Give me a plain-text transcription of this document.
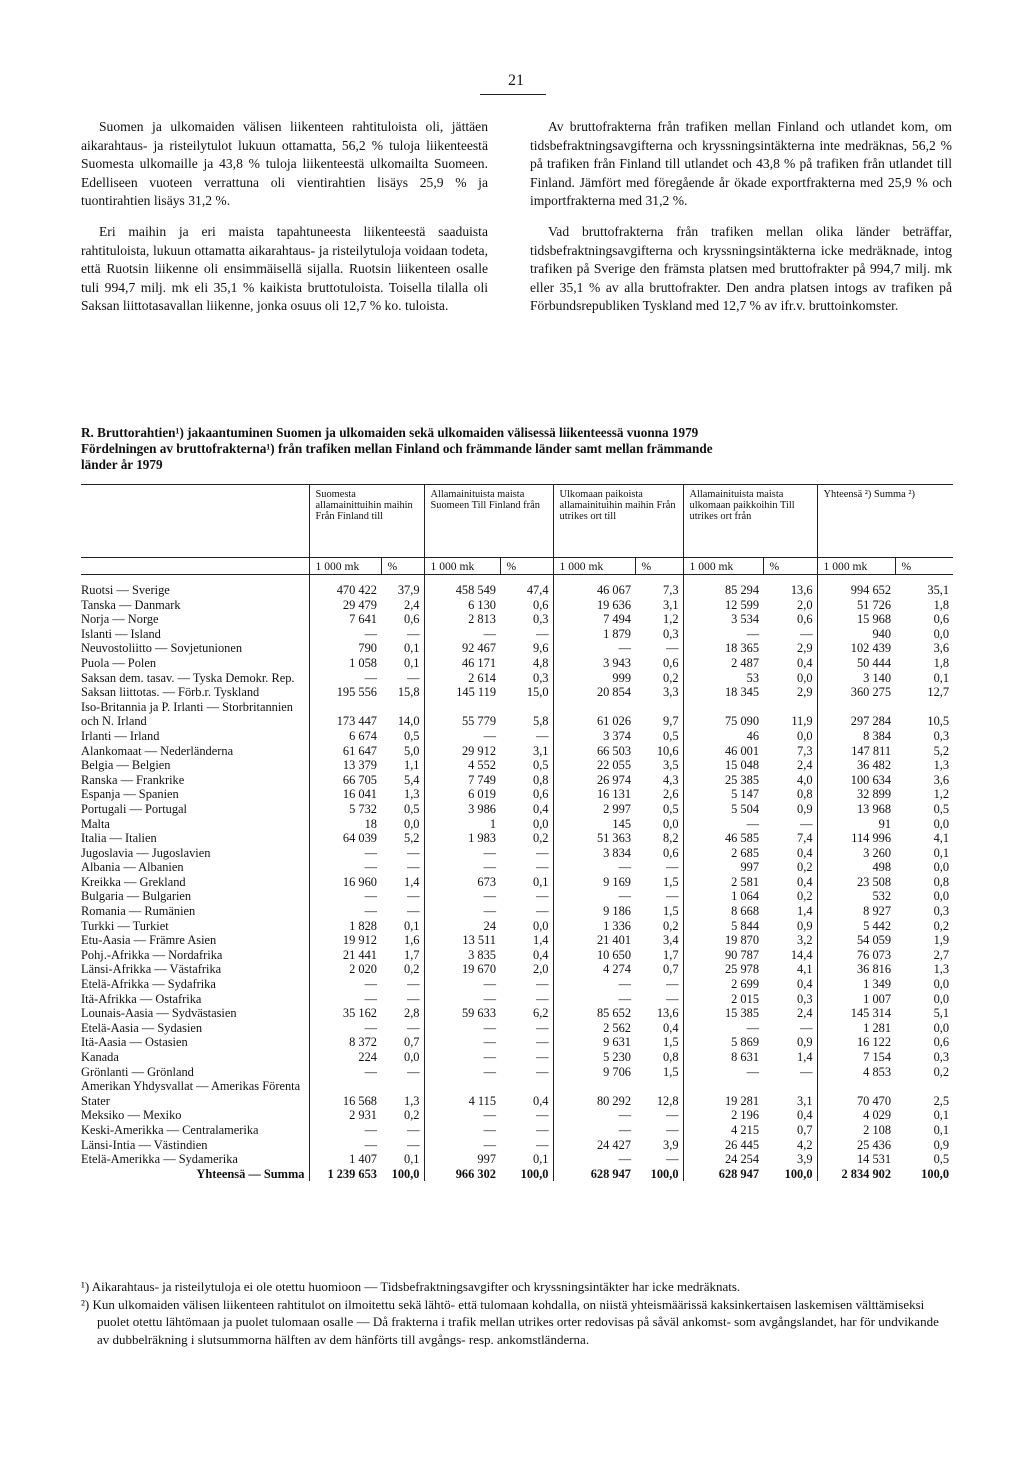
21

Suomen ja ulkomaiden välisen liikenteen rahtituloista oli, jättäen aikarahtaus- ja risteilytulot lukuun ottamatta, 56,2 % tuloja liikenteestä Suomesta ulkomaille ja 43,8 % tuloja liikenteestä ulkomailta Suomeen. Edelliseen vuoteen verrattuna oli vientirahtien lisäys 25,9 % ja tuontirahtien lisäys 31,2 %.

Eri maihin ja eri maista tapahtuneesta liikenteestä saaduista rahtituloista, lukuun ottamatta aikarahtaus- ja risteilytuloja voidaan todeta, että Ruotsin liikenne oli ensimmäisellä sijalla. Ruotsin liikenteen osalle tuli 994,7 milj. mk eli 35,1 % kaikista bruttotuloista. Toisella tilalla oli Saksan liittotasavallan liikenne, jonka osuus oli 12,7 % ko. tuloista.

Av bruttofrakterna från trafiken mellan Finland och utlandet kom, om tidsbefraktningsavgifterna och kryssningsintäkterna inte medräknas, 56,2 % på trafiken från Finland till utlandet och 43,8 % på trafiken från utlandet till Finland. Jämfört med föregående år ökade exportfrakterna med 25,9 % och importfrakterna med 31,2 %.

Vad bruttofrakterna från trafiken mellan olika länder beträffar, tidsbefraktningsavgifterna och kryssningsintäkterna icke medräknade, intog trafiken på Sverige den främsta platsen med bruttofrakter på 994,7 milj. mk eller 35,1 % av alla bruttofrakter. Den andra platsen intogs av trafiken på Förbundsrepubliken Tyskland med 12,7 % av ifr.v. bruttoinkomster.

R. Bruttorahtien¹) jakaantuminen Suomen ja ulkomaiden sekä ulkomaiden välisessä liikenteessä vuonna 1979
Fördelningen av bruttofrakterna¹) från trafiken mellan Finland och främmande länder samt mellan främmande
länder år 1979
	Suomesta allamainittuihin maihin Från Finland till		Allamainituista maista Suomeen Till Finland från		Ulkomaan paikoista allamainituihin maihin Från utrikes ort till		Allamainituista maista ulkomaan paikkoihin Till utrikes ort från		Yhteensä ²) Summa ²)	
	1 000 mk	%	1 000 mk	%	1 000 mk	%	1 000 mk	%	1 000 mk	%
Ruotsi — Sverige	470 422	37,9	458 549	47,4	46 067	7,3	85 294	13,6	994 652	35,1
Tanska — Danmark	29 479	2,4	6 130	0,6	19 636	3,1	12 599	2,0	51 726	1,8
Norja — Norge	7 641	0,6	2 813	0,3	7 494	1,2	3 534	0,6	15 968	0,6
Islanti — Island	—	—	—	—	1 879	0,3	—	—	940	0,0
Neuvostoliitto — Sovjetunionen	790	0,1	92 467	9,6	—	—	18 365	2,9	102 439	3,6
Puola — Polen	1 058	0,1	46 171	4,8	3 943	0,6	2 487	0,4	50 444	1,8
Saksan dem. tasav. — Tyska Demokr. Rep.	—	—	2 614	0,3	999	0,2	53	0,0	3 140	0,1
Saksan liittotas. — Förb.r. Tyskland	195 556	15,8	145 119	15,0	20 854	3,3	18 345	2,9	360 275	12,7
Iso-Britannia ja P. Irlanti — Storbritannien och N. Irland	173 447	14,0	55 779	5,8	61 026	9,7	75 090	11,9	297 284	10,5
Irlanti — Irland	6 674	0,5	—	—	3 374	0,5	46	0,0	8 384	0,3
Alankomaat — Nederländerna	61 647	5,0	29 912	3,1	66 503	10,6	46 001	7,3	147 811	5,2
Belgia — Belgien	13 379	1,1	4 552	0,5	22 055	3,5	15 048	2,4	36 482	1,3
Ranska — Frankrike	66 705	5,4	7 749	0,8	26 974	4,3	25 385	4,0	100 634	3,6
Espanja — Spanien	16 041	1,3	6 019	0,6	16 131	2,6	5 147	0,8	32 899	1,2
Portugali — Portugal	5 732	0,5	3 986	0,4	2 997	0,5	5 504	0,9	13 968	0,5
Malta	18	0,0	1	0,0	145	0,0	—	—	91	0,0
Italia — Italien	64 039	5,2	1 983	0,2	51 363	8,2	46 585	7,4	114 996	4,1
Jugoslavia — Jugoslavien	—	—	—	—	3 834	0,6	2 685	0,4	3 260	0,1
Albania — Albanien	—	—	—	—	—	—	997	0,2	498	0,0
Kreikka — Grekland	16 960	1,4	673	0,1	9 169	1,5	2 581	0,4	23 508	0,8
Bulgaria — Bulgarien	—	—	—	—	—	—	1 064	0,2	532	0,0
Romania — Rumänien	—	—	—	—	9 186	1,5	8 668	1,4	8 927	0,3
Turkki — Turkiet	1 828	0,1	24	0,0	1 336	0,2	5 844	0,9	5 442	0,2
Etu-Aasia — Främre Asien	19 912	1,6	13 511	1,4	21 401	3,4	19 870	3,2	54 059	1,9
Pohj.-Afrikka — Nordafrika	21 441	1,7	3 835	0,4	10 650	1,7	90 787	14,4	76 073	2,7
Länsi-Afrikka — Västafrika	2 020	0,2	19 670	2,0	4 274	0,7	25 978	4,1	36 816	1,3
Etelä-Afrikka — Sydafrika	—	—	—	—	—	—	2 699	0,4	1 349	0,0
Itä-Afrikka — Ostafrika	—	—	—	—	—	—	2 015	0,3	1 007	0,0
Lounais-Aasia — Sydvästasien	35 162	2,8	59 633	6,2	85 652	13,6	15 385	2,4	145 314	5,1
Etelä-Aasia — Sydasien	—	—	—	—	2 562	0,4	—	—	1 281	0,0
Itä-Aasia — Ostasien	8 372	0,7	—	—	9 631	1,5	5 869	0,9	16 122	0,6
Kanada	224	0,0	—	—	5 230	0,8	8 631	1,4	7 154	0,3
Grönlanti — Grönland	—	—	—	—	9 706	1,5	—	—	4 853	0,2
Amerikan Yhdysvallat — Amerikas Förenta Stater	16 568	1,3	4 115	0,4	80 292	12,8	19 281	3,1	70 470	2,5
Meksiko — Mexiko	2 931	0,2	—	—	—	—	2 196	0,4	4 029	0,1
Keski-Amerikka — Centralamerika	—	—	—	—	—	—	4 215	0,7	2 108	0,1
Länsi-Intia — Västindien	—	—	—	—	24 427	3,9	26 445	4,2	25 436	0,9
Etelä-Amerikka — Sydamerika	1 407	0,1	997	0,1	—	—	24 254	3,9	14 531	0,5
Yhteensä — Summa	1 239 653	100,0	966 302	100,0	628 947	100,0	628 947	100,0	2 834 902	100,0

¹) Aikarahtaus- ja risteilytuloja ei ole otettu huomioon — Tidsbefraktningsavgifter och kryssningsintäkter har icke medräknats.

²) Kun ulkomaiden välisen liikenteen rahtitulot on ilmoitettu sekä lähtö- että tulomaan kohdalla, on niistä yhteismäärissä kaksinkertaisen laskemisen välttämiseksi puolet otettu lähtömaan ja puolet tulomaan osalle — Då frakterna i trafik mellan utrikes orter redovisas på såväl ankomst- som avgångslandet, har för undvikande av dubbelräkning i slutsummorna hälften av dem hänförts till avgångs- resp. ankomstländerna.
